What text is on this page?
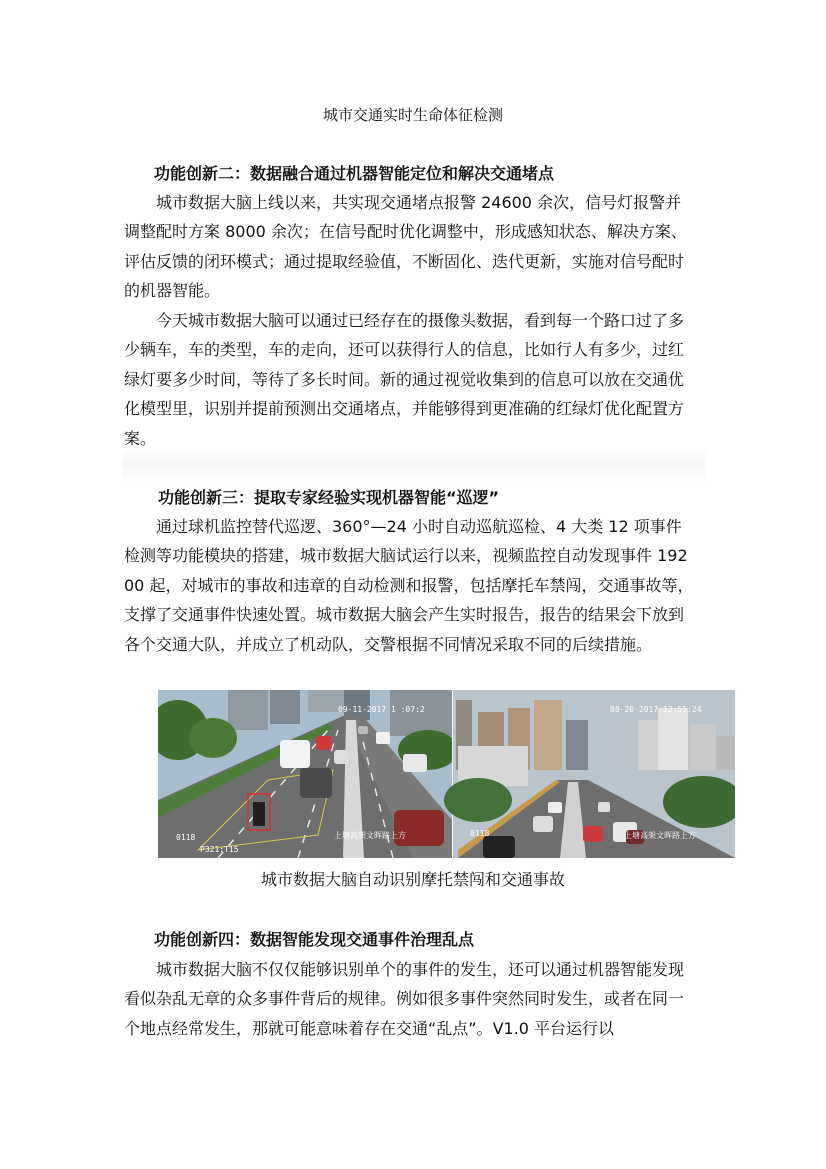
城市交通实时生命体征检测
功能创新二：数据融合通过机器智能定位和解决交通堵点

城市数据大脑上线以来，共实现交通堵点报警 24600 余次，信号灯报警并调整配时方案 8000 余次；在信号配时优化调整中，形成感知状态、解决方案、评估反馈的闭环模式；通过提取经验值，不断固化、迭代更新，实施对信号配时的机器智能。

今天城市数据大脑可以通过已经存在的摄像头数据，看到每一个路口过了多少辆车，车的类型，车的走向，还可以获得行人的信息，比如行人有多少，过红绿灯要多少时间，等待了多长时间。新的通过视觉收集到的信息可以放在交通优化模型里，识别并提前预测出交通堵点，并能够得到更准确的红绿灯优化配置方案。

功能创新三：提取专家经验实现机器智能“巡逻”

通过球机监控替代巡逻、360°—24 小时自动巡航巡检、4 大类 12 项事件检测等功能模块的搭建，城市数据大脑试运行以来，视频监控自动发现事件 19200 起，对城市的事故和违章的自动检测和报警，包括摩托车禁闯，交通事故等，支撑了交通事件快速处置。城市数据大脑会产生实时报告，报告的结果会下放到各个交通大队，并成立了机动队，交警根据不同情况采取不同的后续措施。

09-11-2017 1 :07:2
0118
P321:T15
上塘高架文晖路上方
08-20-2017 12:55:24
0118	上塘高架文晖路上方
城市数据大脑自动识别摩托禁闯和交通事故
功能创新四：数据智能发现交通事件治理乱点

城市数据大脑不仅仅能够识别单个的事件的发生，还可以通过机器智能发现看似杂乱无章的众多事件背后的规律。例如很多事件突然同时发生，或者在同一个地点经常发生，那就可能意味着存在交通“乱点”。V1.0 平台运行以
